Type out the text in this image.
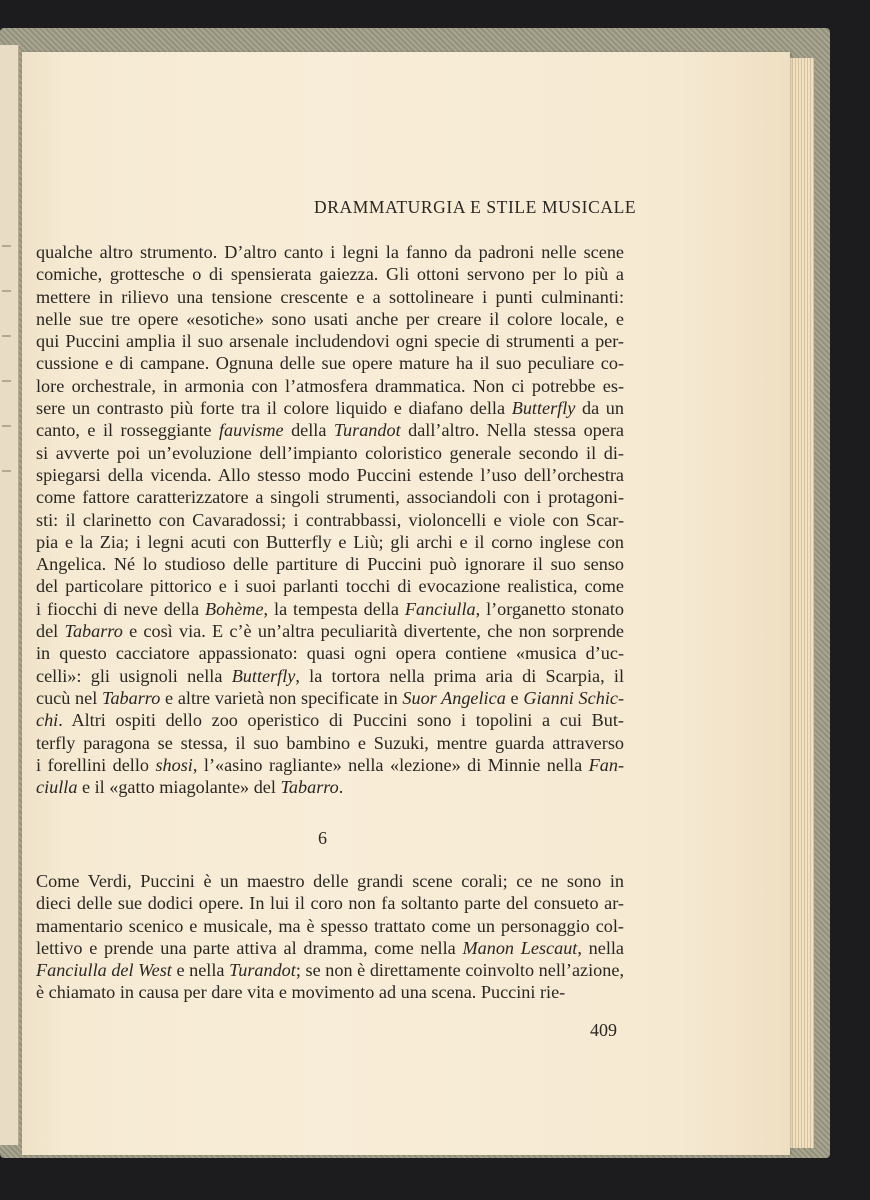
DRAMMATURGIA E STILE MUSICALE
qualche altro strumento. D’altro canto i legni la fanno da padroni nelle scene
comiche, grottesche o di spensierata gaiezza. Gli ottoni servono per lo più a
mettere in rilievo una tensione crescente e a sottolineare i punti culminanti:
nelle sue tre opere «esotiche» sono usati anche per creare il colore locale, e
qui Puccini amplia il suo arsenale includendovi ogni specie di strumenti a per-
cussione e di campane. Ognuna delle sue opere mature ha il suo peculiare co-
lore orchestrale, in armonia con l’atmosfera drammatica. Non ci potrebbe es-
sere un contrasto più forte tra il colore liquido e diafano della Butterfly da un
canto, e il rosseggiante fauvisme della Turandot dall’altro. Nella stessa opera
si avverte poi un’evoluzione dell’impianto coloristico generale secondo il di-
spiegarsi della vicenda. Allo stesso modo Puccini estende l’uso dell’orchestra
come fattore caratterizzatore a singoli strumenti, associandoli con i protagoni-
sti: il clarinetto con Cavaradossi; i contrabbassi, violoncelli e viole con Scar-
pia e la Zia; i legni acuti con Butterfly e Liù; gli archi e il corno inglese con
Angelica. Né lo studioso delle partiture di Puccini può ignorare il suo senso
del particolare pittorico e i suoi parlanti tocchi di evocazione realistica, come
i fiocchi di neve della Bohème, la tempesta della Fanciulla, l’organetto stonato
del Tabarro e così via. E c’è un’altra peculiarità divertente, che non sorprende
in questo cacciatore appassionato: quasi ogni opera contiene «musica d’uc-
celli»: gli usignoli nella Butterfly, la tortora nella prima aria di Scarpia, il
cucù nel Tabarro e altre varietà non specificate in Suor Angelica e Gianni Schic-
chi. Altri ospiti dello zoo operistico di Puccini sono i topolini a cui But-
terfly paragona se stessa, il suo bambino e Suzuki, mentre guarda attraverso
i forellini dello shosi, l’«asino ragliante» nella «lezione» di Minnie nella Fan-
ciulla e il «gatto miagolante» del Tabarro.
6
Come Verdi, Puccini è un maestro delle grandi scene corali; ce ne sono in
dieci delle sue dodici opere. In lui il coro non fa soltanto parte del consueto ar-
mamentario scenico e musicale, ma è spesso trattato come un personaggio col-
lettivo e prende una parte attiva al dramma, come nella Manon Lescaut, nella
Fanciulla del West e nella Turandot; se non è direttamente coinvolto nell’azione,
è chiamato in causa per dare vita e movimento ad una scena. Puccini rie-
409
